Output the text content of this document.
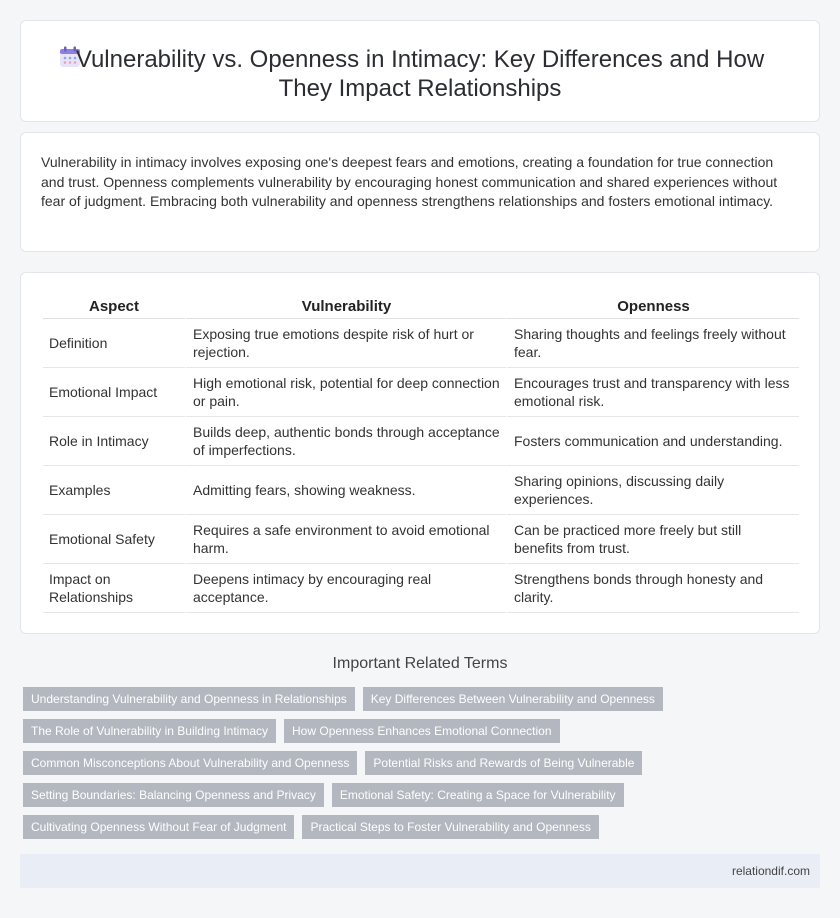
Vulnerability vs. Openness in Intimacy: Key Differences and How They Impact Relationships

Vulnerability in intimacy involves exposing one's deepest fears and emotions, creating a foundation for true connection and trust. Openness complements vulnerability by encouraging honest communication and shared experiences without fear of judgment. Embracing both vulnerability and openness strengthens relationships and fosters emotional intimacy.

Aspect	Vulnerability	Openness
Definition	Exposing true emotions despite risk of hurt or rejection.	Sharing thoughts and feelings freely without fear.
Emotional Impact	High emotional risk, potential for deep connection or pain.	Encourages trust and transparency with less emotional risk.
Role in Intimacy	Builds deep, authentic bonds through acceptance of imperfections.	Fosters communication and understanding.
Examples	Admitting fears, showing weakness.	Sharing opinions, discussing daily experiences.
Emotional Safety	Requires a safe environment to avoid emotional harm.	Can be practiced more freely but still benefits from trust.
Impact on Relationships	Deepens intimacy by encouraging real acceptance.	Strengthens bonds through honesty and clarity.
Important Related Terms
Understanding Vulnerability and Openness in Relationships	Key Differences Between Vulnerability and Openness
The Role of Vulnerability in Building Intimacy	How Openness Enhances Emotional Connection
Common Misconceptions About Vulnerability and Openness	Potential Risks and Rewards of Being Vulnerable
Setting Boundaries: Balancing Openness and Privacy	Emotional Safety: Creating a Space for Vulnerability
Cultivating Openness Without Fear of Judgment	Practical Steps to Foster Vulnerability and Openness
relationdif.com
